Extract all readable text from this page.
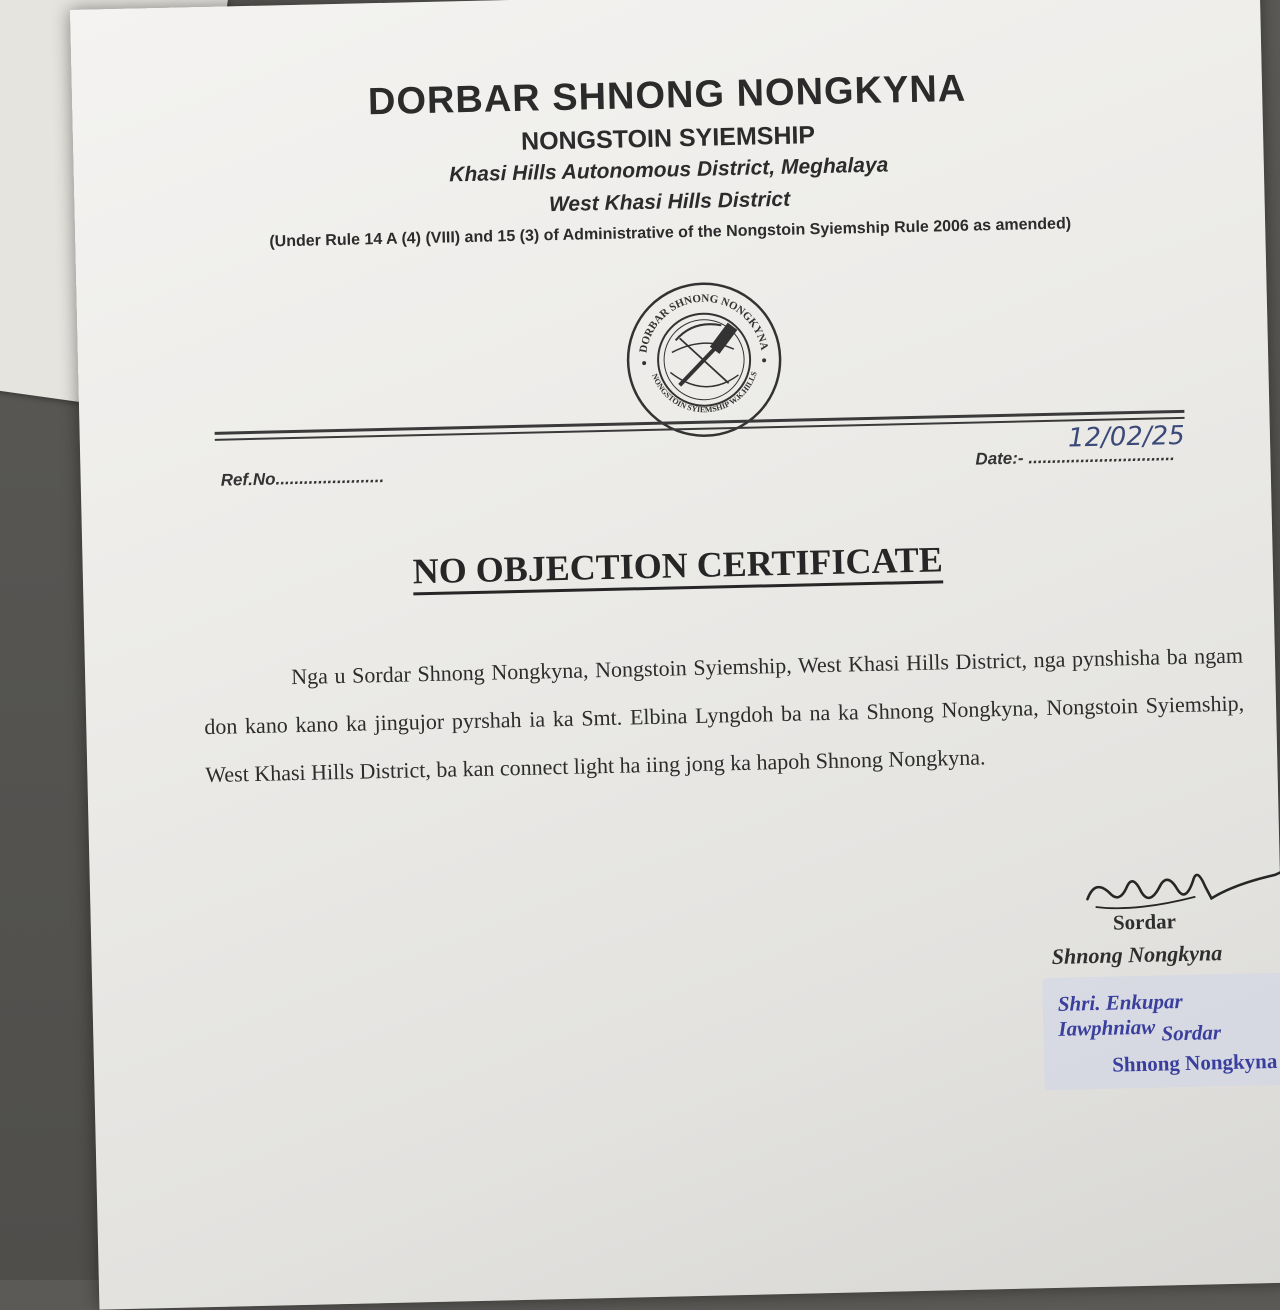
DORBAR SHNONG NONGKYNA
NONGSTOIN SYIEMSHIP
Khasi Hills Autonomous District, Meghalaya
West Khasi Hills District
(Under Rule 14 A (4) (VIII) and 15 (3) of Administrative of the Nongstoin Syiemship Rule 2006 as amended)
DORBAR SHNONG NONGKYNA
NONGSTOIN SYIEMSHIP W.K.HILLS
Ref.No.......................
Date:- ...............................
12/02/25
NO OBJECTION CERTIFICATE
Nga u Sordar Shnong Nongkyna, Nongstoin Syiemship, West Khasi Hills District, nga pynshisha ba ngam don kano kano ka jingujor pyrshah ia ka Smt. Elbina Lyngdoh ba na ka Shnong Nongkyna, Nongstoin Syiemship, West Khasi Hills District, ba kan connect light ha iing jong ka hapoh Shnong Nongkyna.
Sordar
Shnong Nongkyna
Shri. Enkupar Iawphniaw Sordar
Shnong Nongkyna
